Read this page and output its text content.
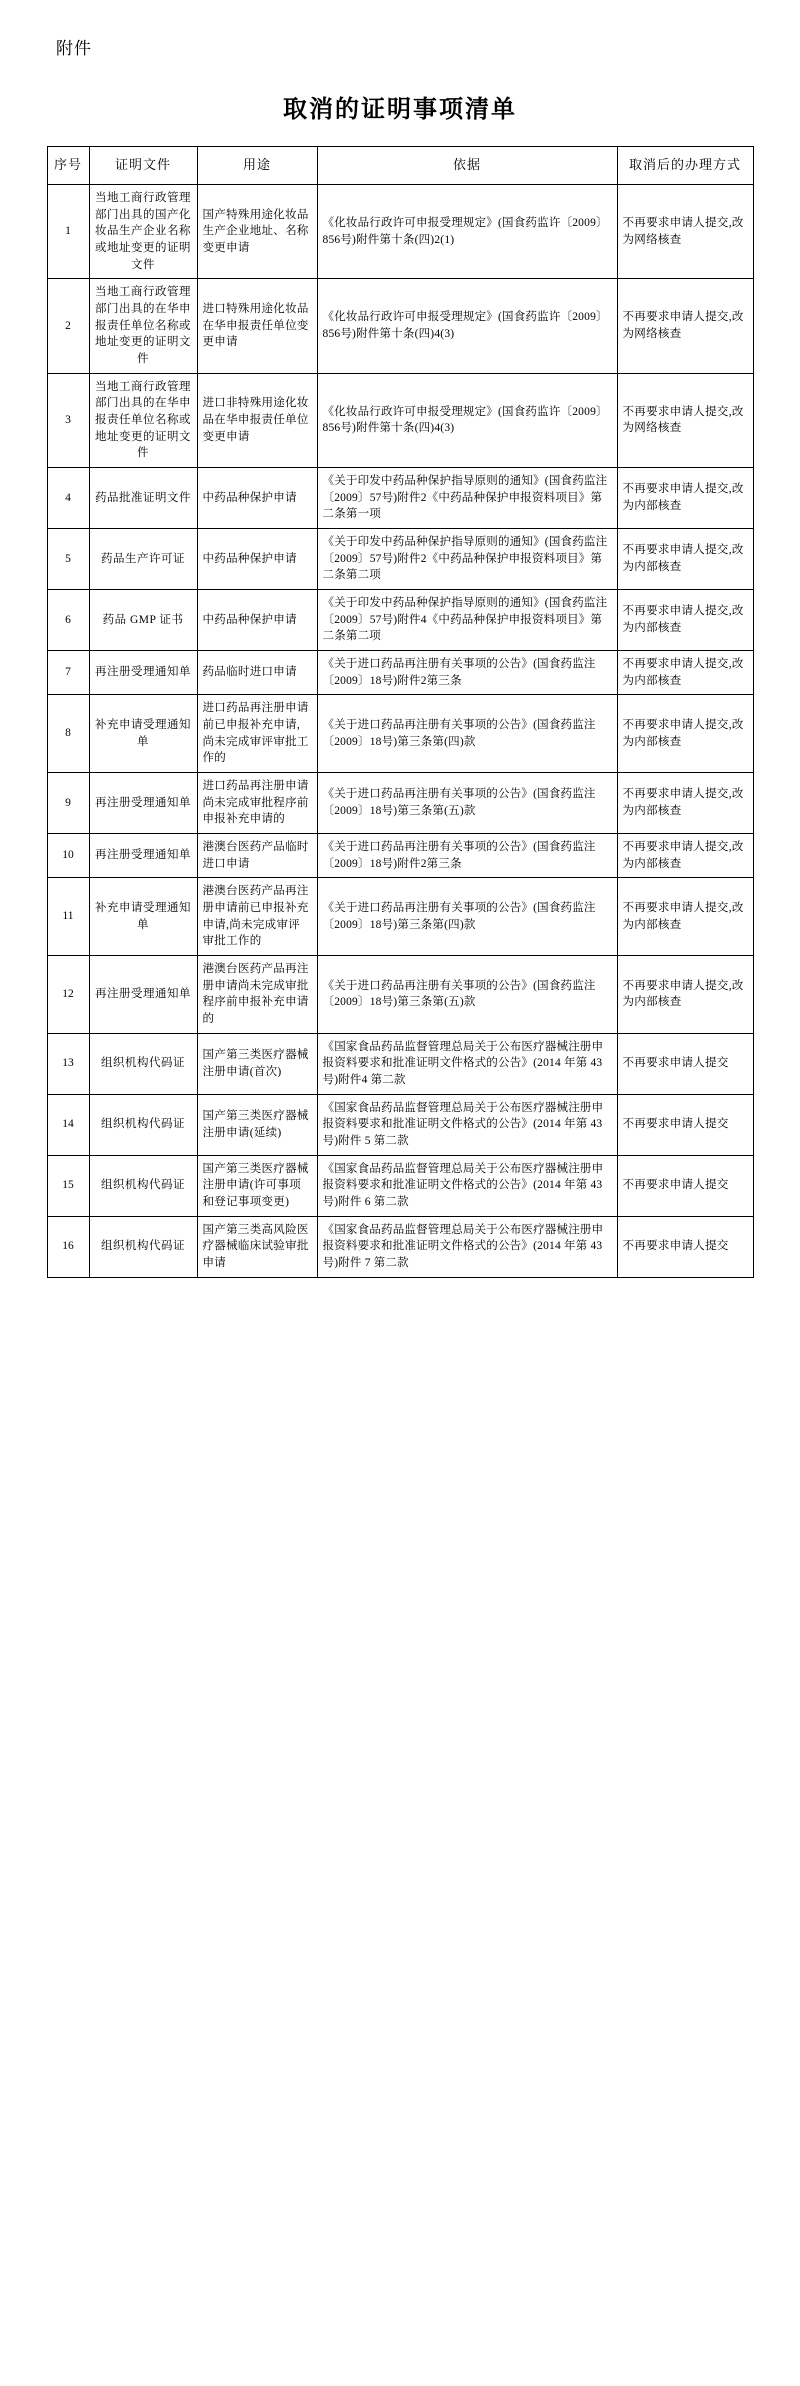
附件
取消的证明事项清单
序号	证明文件	用途	依据	取消后的办理方式
1	当地工商行政管理部门出具的国产化妆品生产企业名称或地址变更的证明文件	国产特殊用途化妆品生产企业地址、名称变更申请	《化妆品行政许可申报受理规定》(国食药监许〔2009〕856号)附件第十条(四)2(1)	不再要求申请人提交,改为网络核查
2	当地工商行政管理部门出具的在华申报责任单位名称或地址变更的证明文件	进口特殊用途化妆品在华申报责任单位变更申请	《化妆品行政许可申报受理规定》(国食药监许〔2009〕856号)附件第十条(四)4(3)	不再要求申请人提交,改为网络核查
3	当地工商行政管理部门出具的在华申报责任单位名称或地址变更的证明文件	进口非特殊用途化妆品在华申报责任单位变更申请	《化妆品行政许可申报受理规定》(国食药监许〔2009〕856号)附件第十条(四)4(3)	不再要求申请人提交,改为网络核查
4	药品批准证明文件	中药品种保护申请	《关于印发中药品种保护指导原则的通知》(国食药监注〔2009〕57号)附件2《中药品种保护申报资料项目》第二条第一项	不再要求申请人提交,改为内部核查
5	药品生产许可证	中药品种保护申请	《关于印发中药品种保护指导原则的通知》(国食药监注〔2009〕57号)附件2《中药品种保护申报资料项目》第二条第二项	不再要求申请人提交,改为内部核查
6	药品 GMP 证书	中药品种保护申请	《关于印发中药品种保护指导原则的通知》(国食药监注〔2009〕57号)附件4《中药品种保护申报资料项目》第二条第二项	不再要求申请人提交,改为内部核查
7	再注册受理通知单	药品临时进口申请	《关于进口药品再注册有关事项的公告》(国食药监注〔2009〕18号)附件2第三条	不再要求申请人提交,改为内部核查
8	补充申请受理通知单	进口药品再注册申请前已申报补充申请,尚未完成审评审批工作的	《关于进口药品再注册有关事项的公告》(国食药监注〔2009〕18号)第三条第(四)款	不再要求申请人提交,改为内部核查
9	再注册受理通知单	进口药品再注册申请尚未完成审批程序前申报补充申请的	《关于进口药品再注册有关事项的公告》(国食药监注〔2009〕18号)第三条第(五)款	不再要求申请人提交,改为内部核查
10	再注册受理通知单	港澳台医药产品临时进口申请	《关于进口药品再注册有关事项的公告》(国食药监注〔2009〕18号)附件2第三条	不再要求申请人提交,改为内部核查
11	补充申请受理通知单	港澳台医药产品再注册申请前已申报补充申请,尚未完成审评审批工作的	《关于进口药品再注册有关事项的公告》(国食药监注〔2009〕18号)第三条第(四)款	不再要求申请人提交,改为内部核查
12	再注册受理通知单	港澳台医药产品再注册申请尚未完成审批程序前申报补充申请的	《关于进口药品再注册有关事项的公告》(国食药监注〔2009〕18号)第三条第(五)款	不再要求申请人提交,改为内部核查
13	组织机构代码证	国产第三类医疗器械注册申请(首次)	《国家食品药品监督管理总局关于公布医疗器械注册申报资料要求和批准证明文件格式的公告》(2014 年第 43 号)附件4 第二款	不再要求申请人提交
14	组织机构代码证	国产第三类医疗器械注册申请(延续)	《国家食品药品监督管理总局关于公布医疗器械注册申报资料要求和批准证明文件格式的公告》(2014 年第 43 号)附件 5 第二款	不再要求申请人提交
15	组织机构代码证	国产第三类医疗器械注册申请(许可事项和登记事项变更)	《国家食品药品监督管理总局关于公布医疗器械注册申报资料要求和批准证明文件格式的公告》(2014 年第 43 号)附件 6 第二款	不再要求申请人提交
16	组织机构代码证	国产第三类高风险医疗器械临床试验审批申请	《国家食品药品监督管理总局关于公布医疗器械注册申报资料要求和批准证明文件格式的公告》(2014 年第 43 号)附件 7 第二款	不再要求申请人提交
